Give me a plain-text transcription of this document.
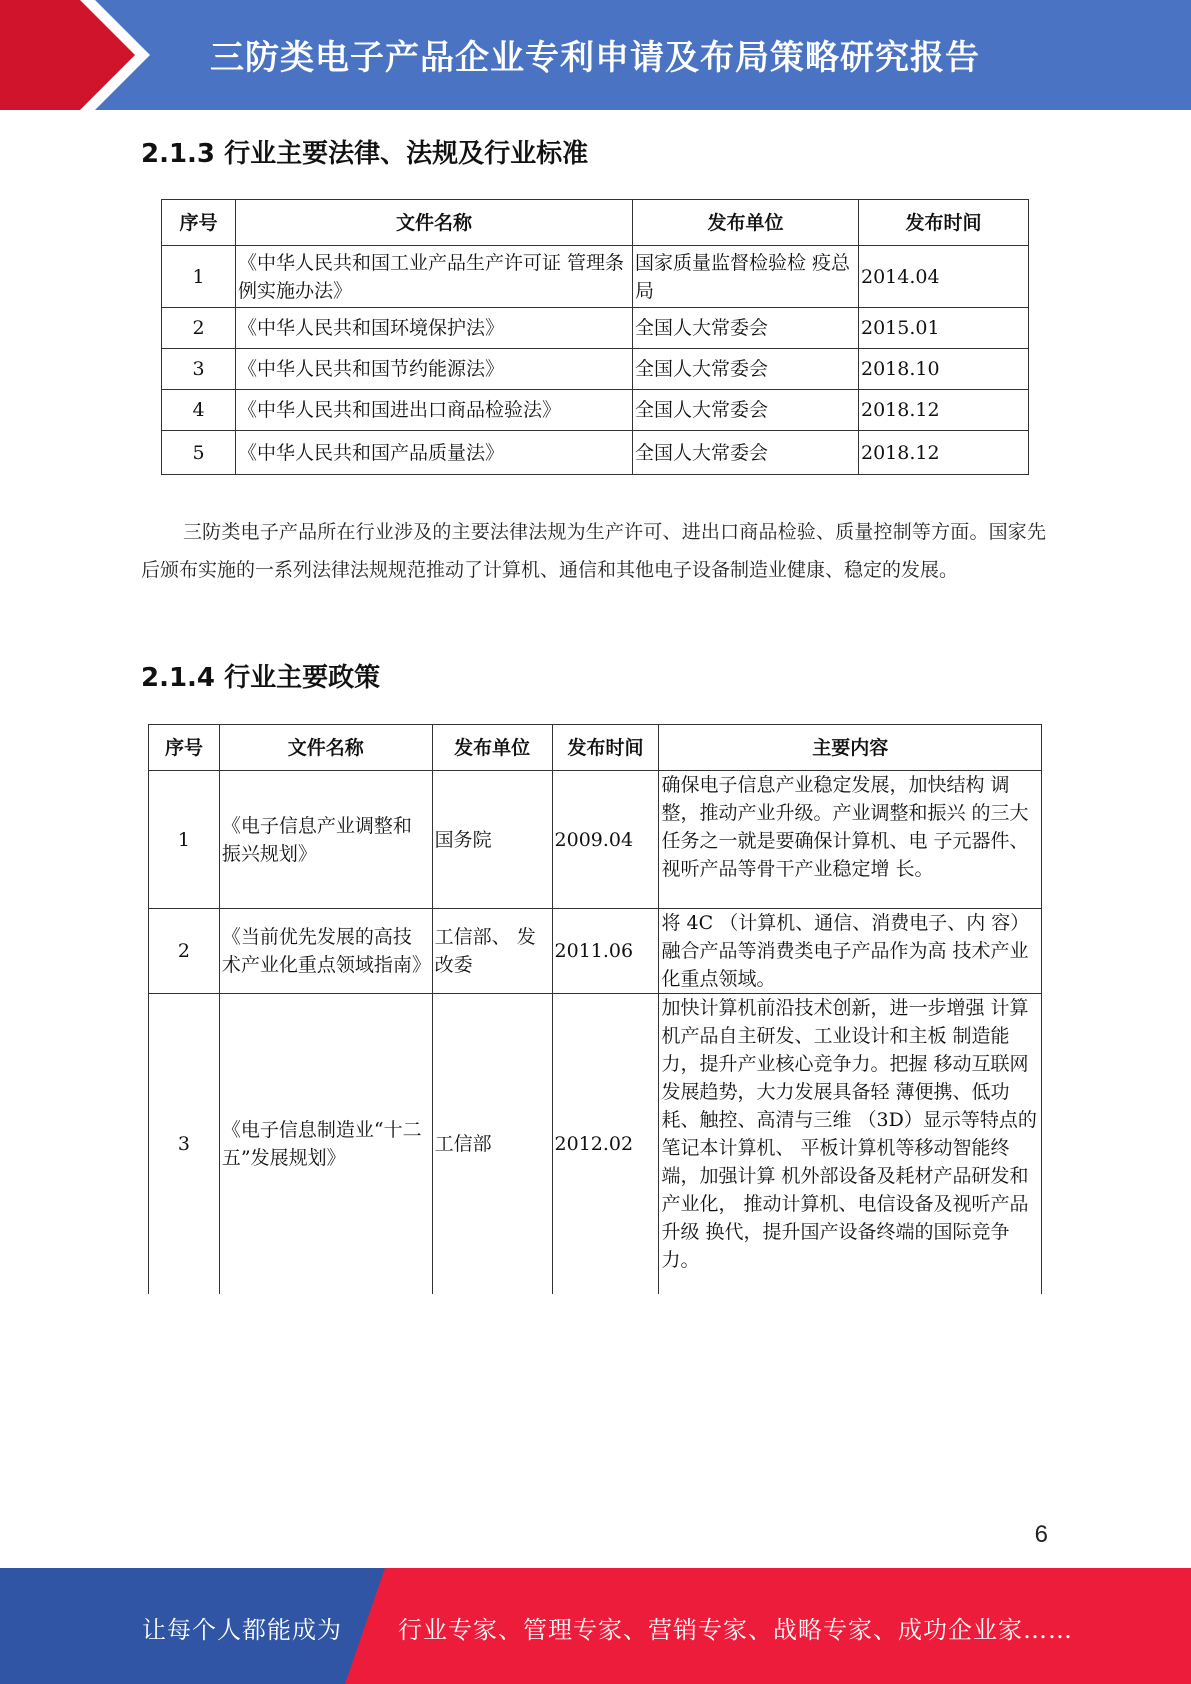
三防类电子产品企业专利申请及布局策略研究报告
2.1.3 行业主要法律、法规及行业标准
序号	文件名称	发布单位	发布时间
1	《中华人民共和国工业产品生产许可证 管理条例实施办法》	国家质量监督检验检 疫总局	2014.04
2	《中华人民共和国环境保护法》	全国人大常委会	2015.01
3	《中华人民共和国节约能源法》	全国人大常委会	2018.10
4	《中华人民共和国进出口商品检验法》	全国人大常委会	2018.12
5	《中华人民共和国产品质量法》	全国人大常委会	2018.12
三防类电子产品所在行业涉及的主要法律法规为生产许可、进出口商品检验、质量控制等方面。国家先后颁布实施的一系列法律法规规范推动了计算机、通信和其他电子设备制造业健康、稳定的发展。
2.1.4 行业主要政策
序号	文件名称	发布单位	发布时间	主要内容
1	《电子信息产业调整和振兴规划》	国务院	2009.04	确保电子信息产业稳定发展，加快结构 调整，推动产业升级。产业调整和振兴 的三大任务之一就是要确保计算机、电 子元器件、视听产品等骨干产业稳定增 长。
2	《当前优先发展的高技术产业化重点领域指南》	工信部、 发改委	2011.06	将 4C （计算机、通信、消费电子、内 容）融合产品等消费类电子产品作为高 技术产业化重点领域。
3	《电子信息制造业“十二五”发展规划》	工信部	2012.02	加快计算机前沿技术创新，进一步增强 计算机产品自主研发、工业设计和主板 制造能力，提升产业核心竞争力。把握 移动互联网发展趋势，大力发展具备轻 薄便携、低功耗、触控、高清与三维 （3D）显示等特点的笔记本计算机、 平板计算机等移动智能终端，加强计算 机外部设备及耗材产品研发和产业化， 推动计算机、电信设备及视听产品升级 换代，提升国产设备终端的国际竞争 力。
6
让每个人都能成为 行业专家、管理专家、营销专家、战略专家、成功企业家……
